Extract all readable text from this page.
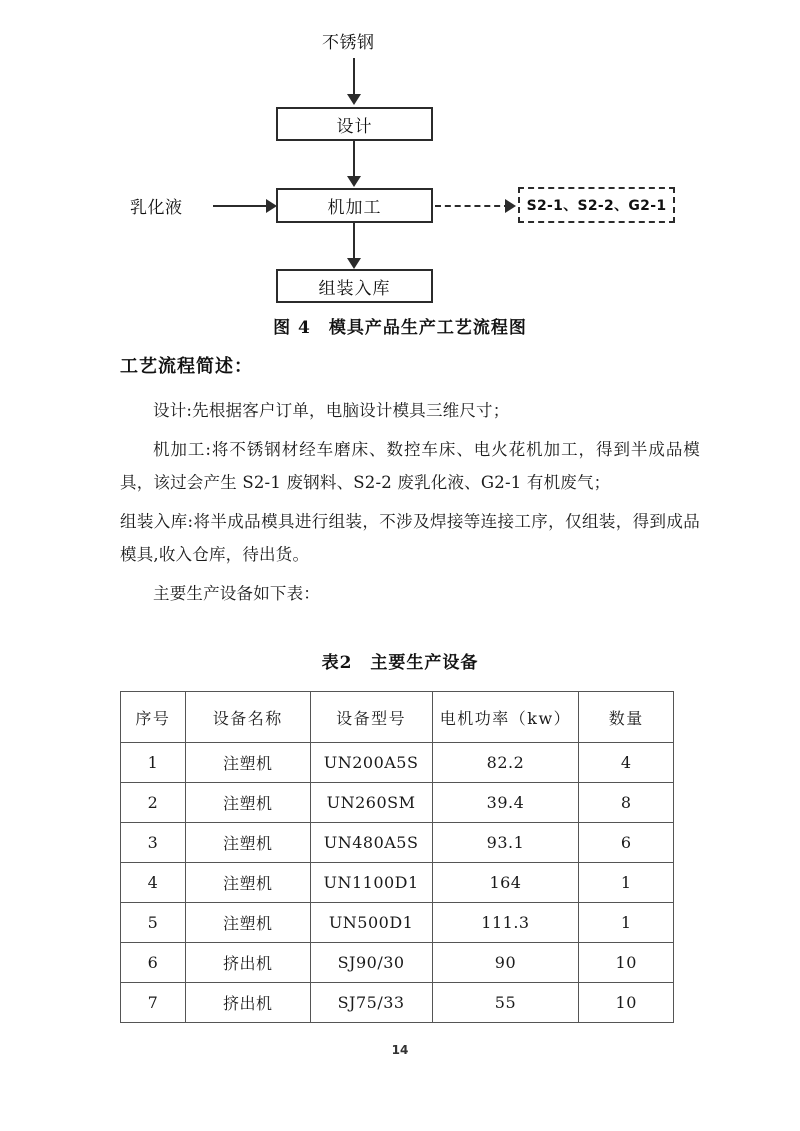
不锈钢
设计
乳化液	机加工	S2-1、S2-2、G2-1
组装入库
图 4　模具产品生产工艺流程图
工艺流程简述：

设计:先根据客户订单，电脑设计模具三维尺寸；

机加工:将不锈钢材经车磨床、数控车床、电火花机加工，得到半成品模具，该过会产生 S2-1 废钢料、S2-2 废乳化液、G2-1 有机废气；

组装入库:将半成品模具进行组装，不涉及焊接等连接工序，仅组装，得到成品模具,收入仓库，待出货。

主要生产设备如下表：

表2　主要生产设备
序号	设备名称	设备型号	电机功率（kw）	数量
1	注塑机	UN200A5S	82.2	4
2	注塑机	UN260SM	39.4	8
3	注塑机	UN480A5S	93.1	6
4	注塑机	UN1100D1	164	1
5	注塑机	UN500D1	111.3	1
6	挤出机	SJ90/30	90	10
7	挤出机	SJ75/33	55	10
14
